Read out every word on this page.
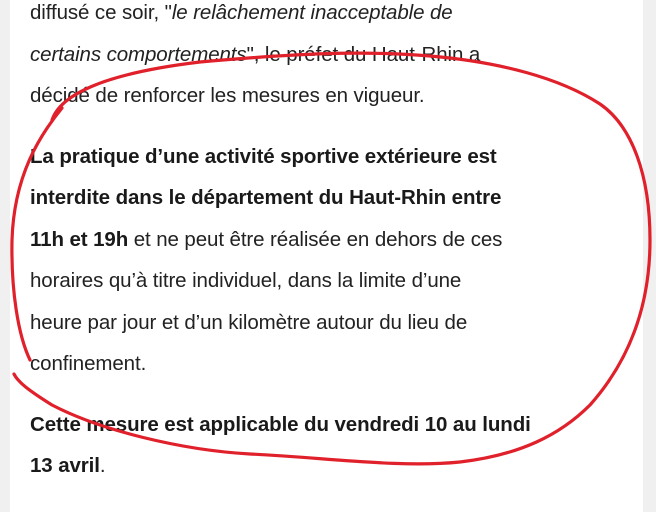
diffusé ce soir, "le relâchement inacceptable de
certains comportements", le préfet du Haut-Rhin a
décidé de renforcer les mesures en vigueur.

La pratique d’une activité sportive extérieure est
interdite dans le département du Haut-Rhin entre
11h et 19h et ne peut être réalisée en dehors de ces
horaires qu’à titre individuel, dans la limite d’une
heure par jour et d’un kilomètre autour du lieu de
confinement.

Cette mesure est applicable du vendredi 10 au lundi
13 avril.
